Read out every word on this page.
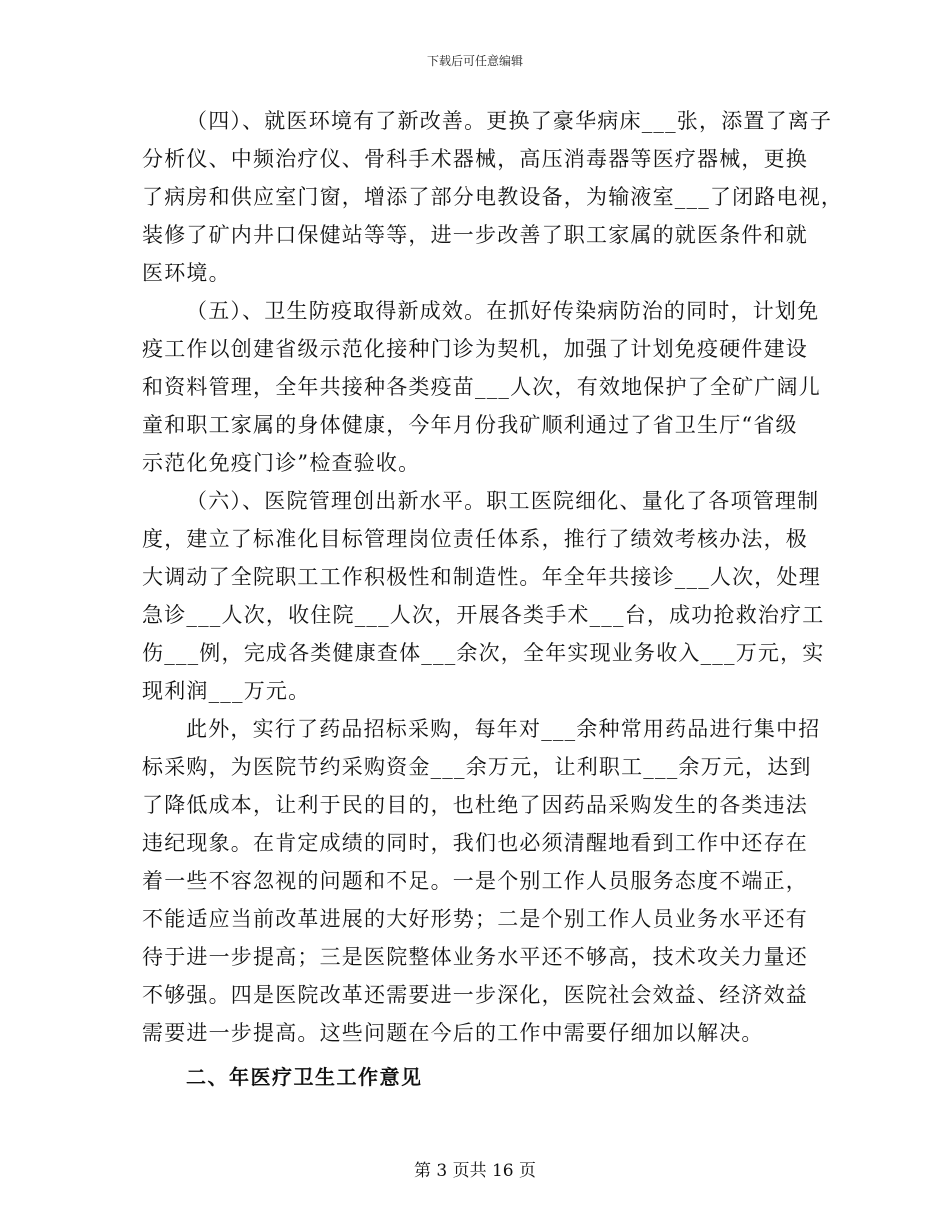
下载后可任意编辑
（四）、就医环境有了新改善。更换了豪华病床___张，添置了离子
分析仪、中频治疗仪、骨科手术器械，高压消毒器等医疗器械，更换
了病房和供应室门窗，增添了部分电教设备，为输液室___了闭路电视，
装修了矿内井口保健站等等，进一步改善了职工家属的就医条件和就
医环境。
（五）、卫生防疫取得新成效。在抓好传染病防治的同时，计划免
疫工作以创建省级示范化接种门诊为契机，加强了计划免疫硬件建设
和资料管理，全年共接种各类疫苗___人次，有效地保护了全矿广阔儿
童和职工家属的身体健康，今年月份我矿顺利通过了省卫生厅“省级
示范化免疫门诊”检查验收。
（六）、医院管理创出新水平。职工医院细化、量化了各项管理制
度，建立了标准化目标管理岗位责任体系，推行了绩效考核办法，极
大调动了全院职工工作积极性和制造性。年全年共接诊___人次，处理
急诊___人次，收住院___人次，开展各类手术___台，成功抢救治疗工
伤___例，完成各类健康查体___余次，全年实现业务收入___万元，实
现利润___万元。
此外，实行了药品招标采购，每年对___余种常用药品进行集中招
标采购，为医院节约采购资金___余万元，让利职工___余万元，达到
了降低成本，让利于民的目的，也杜绝了因药品采购发生的各类违法
违纪现象。在肯定成绩的同时，我们也必须清醒地看到工作中还存在
着一些不容忽视的问题和不足。一是个别工作人员服务态度不端正，
不能适应当前改革进展的大好形势；二是个别工作人员业务水平还有
待于进一步提高；三是医院整体业务水平还不够高，技术攻关力量还
不够强。四是医院改革还需要进一步深化，医院社会效益、经济效益
需要进一步提高。这些问题在今后的工作中需要仔细加以解决。
二、年医疗卫生工作意见
第 3 页共 16 页
